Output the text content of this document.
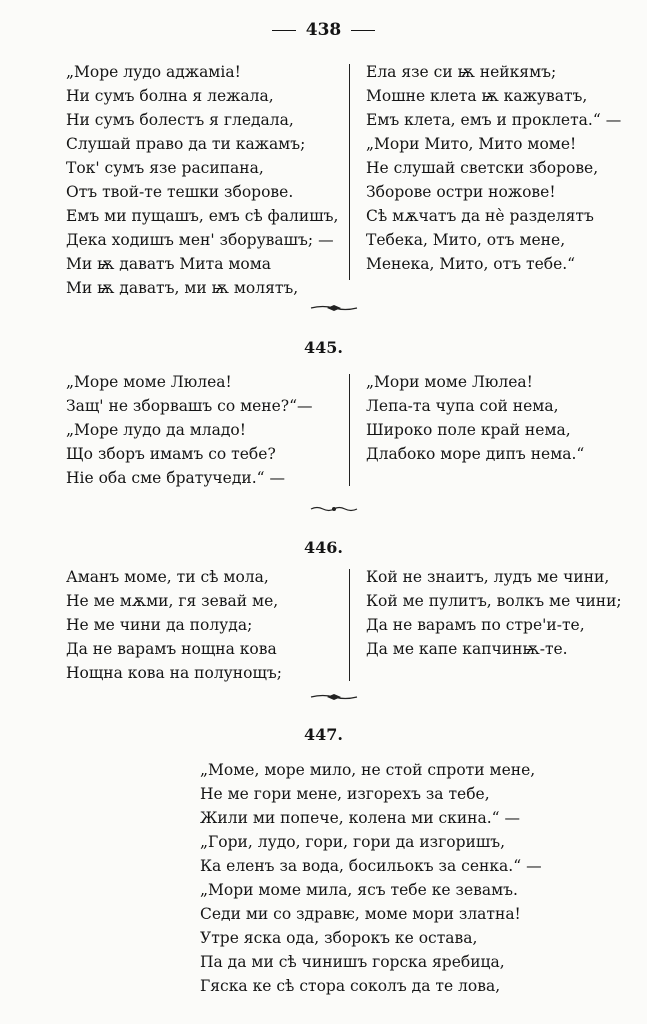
438
„Море лудо аджаміа!
Ни сумъ болна я лежала,
Ни сумъ болестъ я гледала,
Слушай право да ти кажамъ;
Ток' сумъ язе расипана,
Отъ твой-те тешки зборове.
Емъ ми пущашъ, емъ сѣ фалишъ,
Дека ходишъ мен' зборувашъ; —
Ми ѭ даватъ Мита мома
Ми ѭ даватъ, ми ѭ молятъ,
Ела язе си ѭ нейкямъ;
Мошне клета ѭ кажуватъ,
Емъ клета, емъ и проклета.“ —
„Мори Мито, Мито моме!
Не слушай светски зборове,
Зборове остри ножове!
Сѣ мѫчатъ да нѐ разделятъ
Тебека, Мито, отъ мене,
Менека, Мито, отъ тебе.“
445.
„Море моме Люлеа!
Защ' не зборвашъ со мене?“—
„Море лудо да младо!
Що зборъ имамъ со тебе?
Ніе оба сме братучеди.“ —
„Мори моме Люлеа!
Лепа-та чупа сой нема,
Широко поле край нема,
Длабоко море дипъ нема.“
446.
Аманъ моме, ти сѣ мола,
Не ме мѫми, гя зевай ме,
Не ме чини да полуда;
Да не варамъ нощна кова
Нощна кова на полунощъ;
Кой не знаитъ, лудъ ме чини,
Кой ме пулитъ, волкъ ме чини;
Да не варамъ по стре'и-те,
Да ме капе капчинѭ-те.
447.
„Моме, море мило, не стой спроти мене,
Не ме гори мене, изгорехъ за тебе,
Жили ми попече, колена ми скина.“ —
„Гори, лудо, гори, гори да изгоришъ,
Ка еленъ за вода, босильокъ за сенка.“ —
„Мори моме мила, ясъ тебе ке зевамъ.
Седи ми со здравѥ, моме мори златна!
Утре яска ода, зборокъ ке остава,
Па да ми сѣ чинишъ горска яребица,
Гяска ке сѣ стора соколъ да те лова,
